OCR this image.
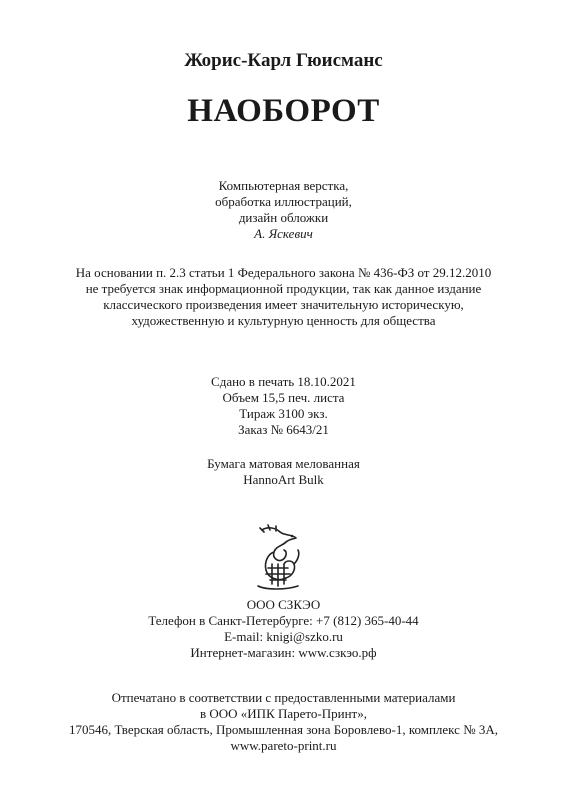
Жорис-Карл Гюисманс
НАОБОРОТ
Компьютерная верстка,
обработка иллюстраций,
дизайн обложки
А. Яскевич
На основании п. 2.3 статьи 1 Федерального закона № 436-ФЗ от 29.12.2010
не требуется знак информационной продукции, так как данное издание
классического произведения имеет значительную историческую,
художественную и культурную ценность для общества
Сдано в печать 18.10.2021
Объем 15,5 печ. листа
Тираж 3100 экз.
Заказ № 6643/21
Бумага матовая мелованная
HannoArt Bulk
ООО СЗКЭО
Телефон в Санкт-Петербурге: +7 (812) 365-40-44
E-mail: knigi@szko.ru
Интернет-магазин: www.сзкэо.рф
Отпечатано в соответствии с предоставленными материалами
в ООО «ИПК Парето-Принт»,
170546, Тверская область, Промышленная зона Боровлево-1, комплекс № 3А,
www.pareto-print.ru
